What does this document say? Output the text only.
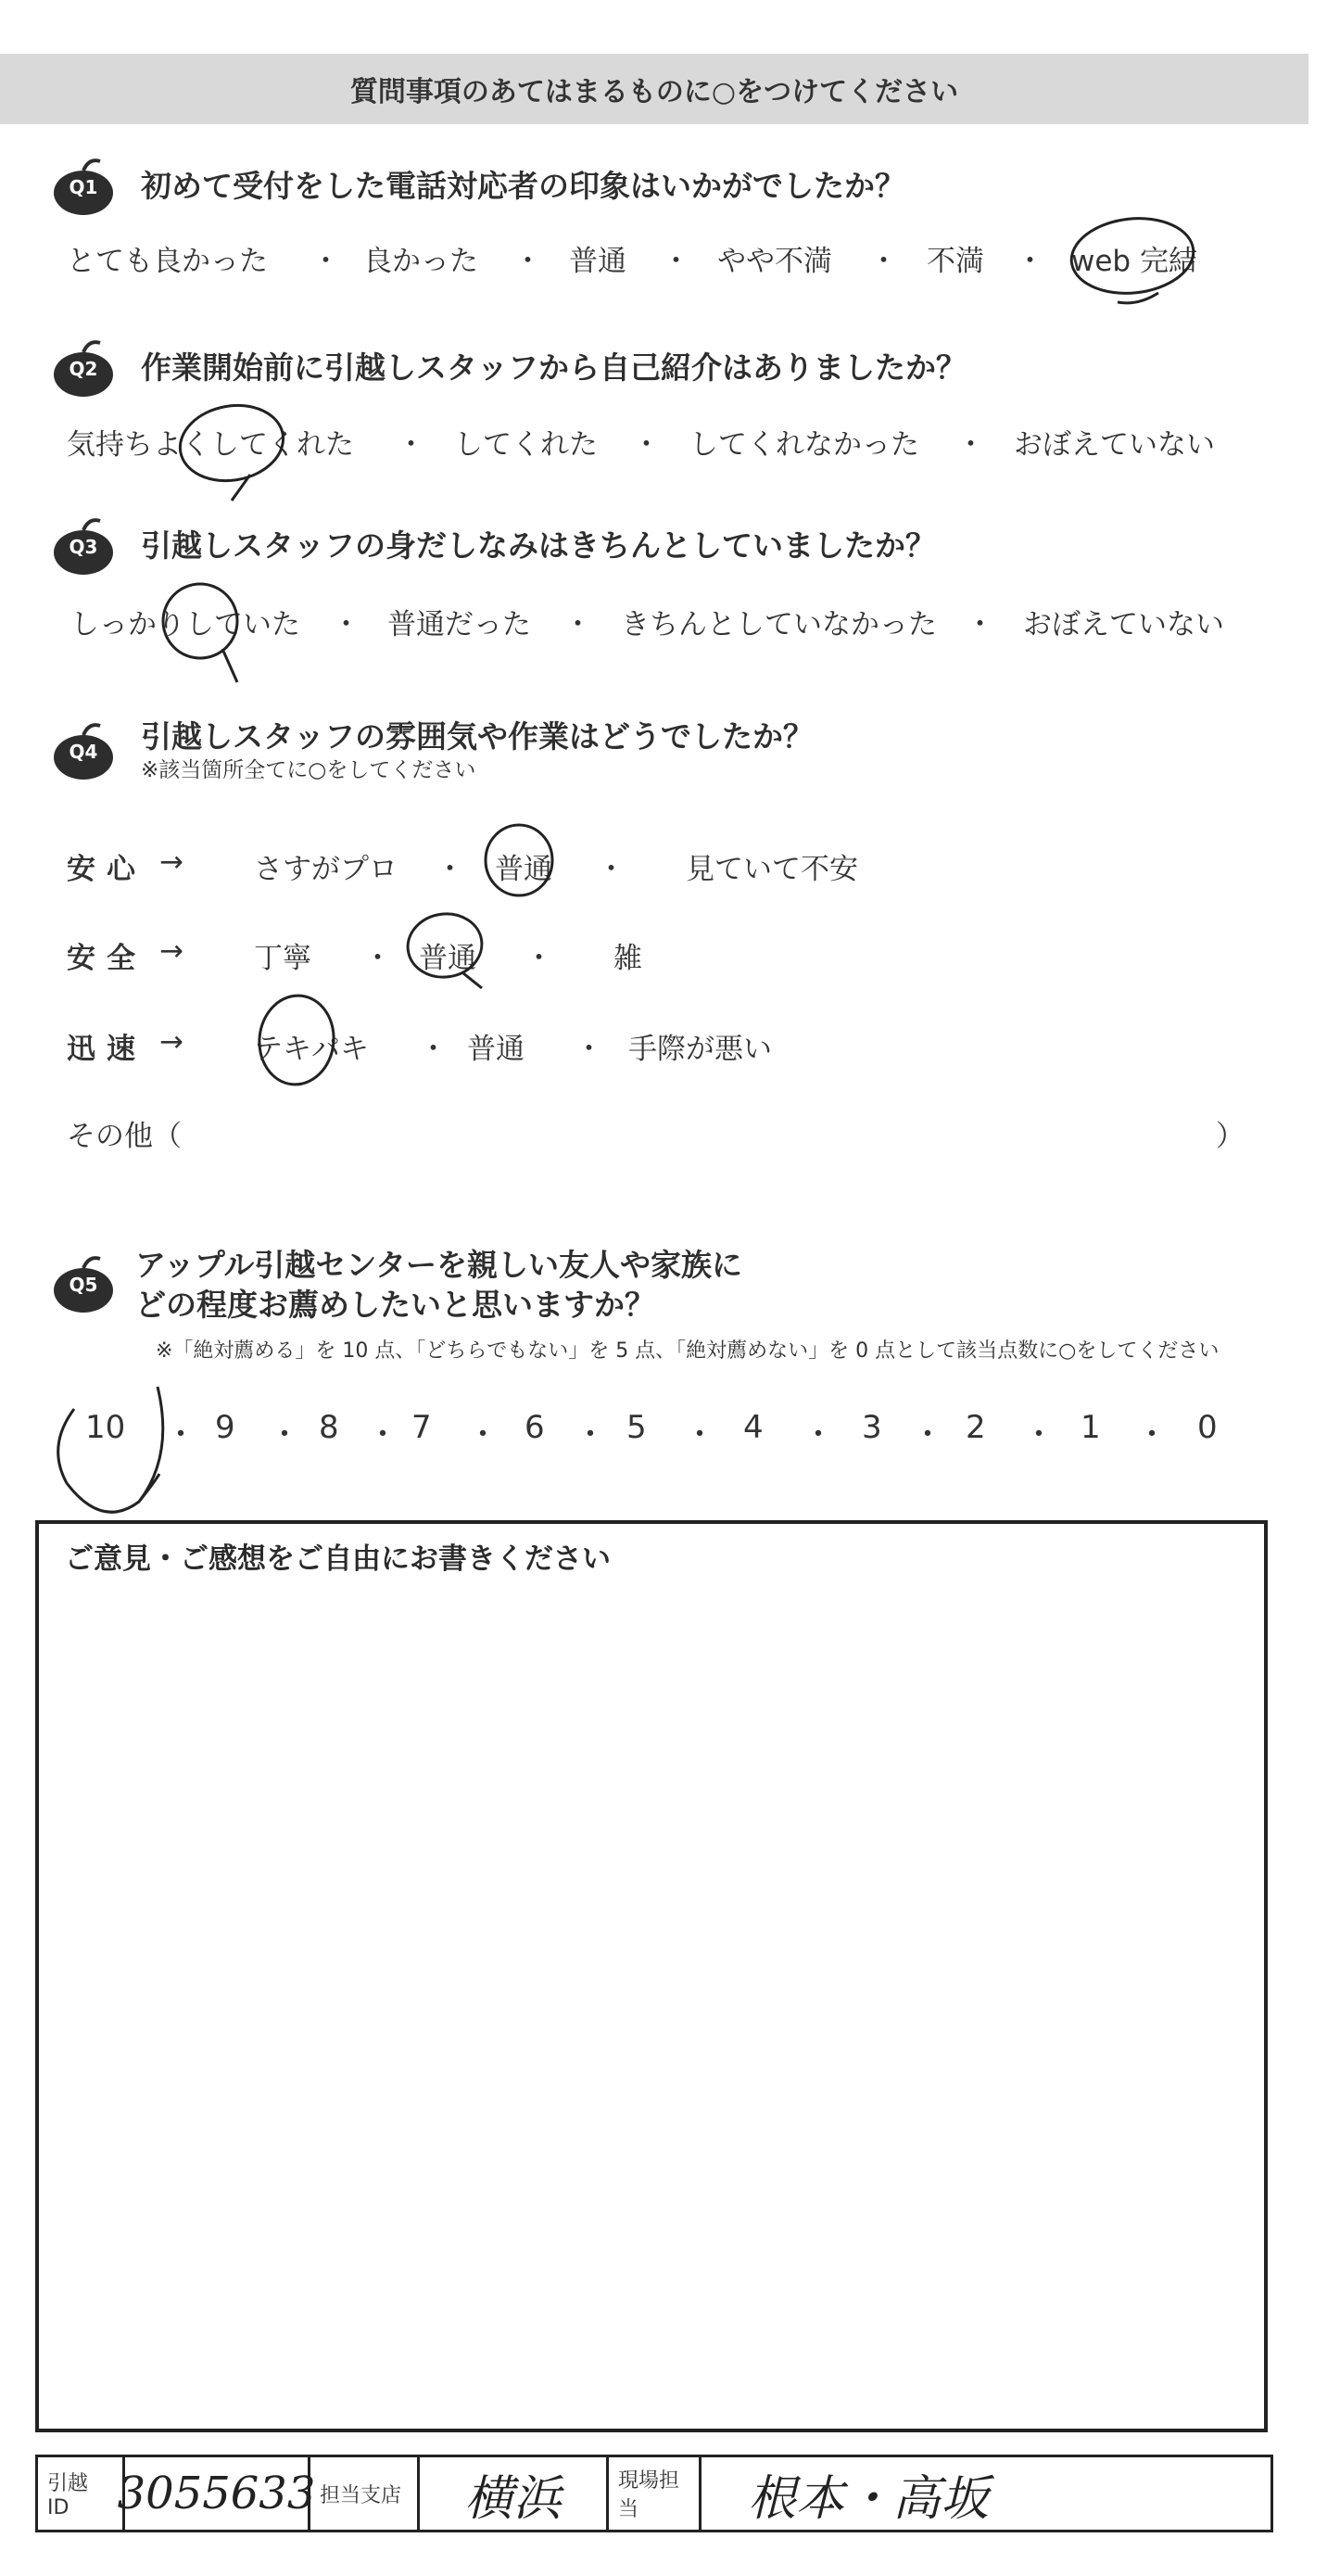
質問事項のあてはまるものに○をつけてください
Q1	初めて受付をした電話対応者の印象はいかがでしたか？
とても良かった ・ 良かった ・ 普通 ・ やや不満 ・ 不満 ・ web 完結
Q2	作業開始前に引越しスタッフから自己紹介はありましたか？
気持ちよくしてくれた ・ してくれた ・ してくれなかった ・ おぼえていない
Q3	引越しスタッフの身だしなみはきちんとしていましたか？
しっかりしていた ・ 普通だった ・ きちんとしていなかった ・ おぼえていない
Q4	引越しスタッフの雰囲気や作業はどうでしたか？
※該当箇所全てに○をしてください
安心 → さすがプロ ・ 普通 ・ 見ていて不安
安全 → 丁寧 ・ 普通 ・ 雑
迅速 → テキパキ ・ 普通 ・ 手際が悪い
その他（	）
Q5
アップル引越センターを親しい友人や家族に
どの程度お薦めしたいと思いますか？
※「絶対薦める」を 10 点、「どちらでもない」を 5 点、「絶対薦めない」を 0 点として該当点数に○をしてください
10 ・ 9 ・ 8 ・ 7 ・ 6 ・ 5 ・ 4 ・ 3 ・ 2 ・ 1 ・ 0
ご意見・ご感想をご自由にお書きください
引越 ID	3055633 担当支店 横浜	現場担当	根本・高坂
